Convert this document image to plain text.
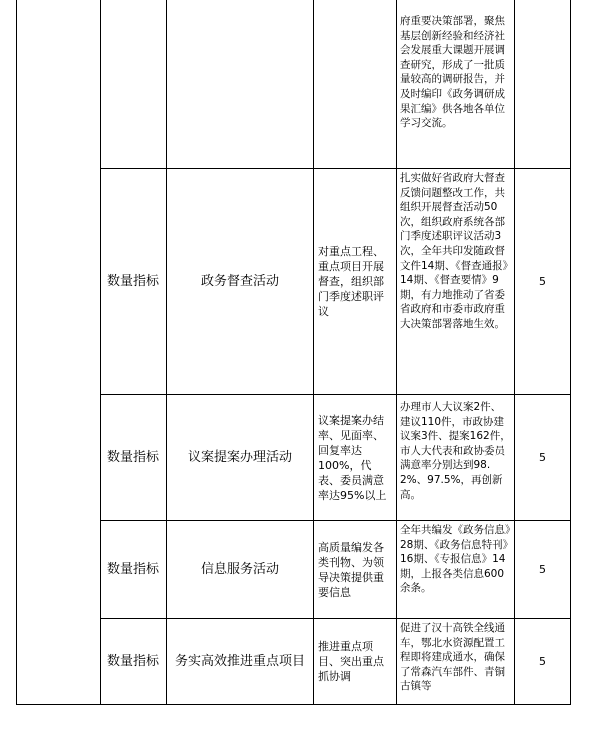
府重要决策部署，聚焦基层创新经验和经济社会发展重大课题开展调查研究，形成了一批质量较高的调研报告，并及时编印《政务调研成果汇编》供各地各单位学习交流。
数量指标	政务督查活动
对重点工程、重点项目开展督查，组织部门季度述职评议
扎实做好省政府大督查反馈问题整改工作，共组织开展督查活动50次，组织政府系统各部门季度述职评议活动3次，全年共印发随政督文件14期、《督查通报》14期、《督查要情》9期，有力地推动了省委省政府和市委市政府重大决策部署落地生效。
5
数量指标 议案提案办理活动
议案提案办结率、见面率、回复率达100%，代表、委员满意率达95%以上
办理市人大议案2件、建议110件，市政协建议案3件、提案162件，市人大代表和政协委员满意率分别达到98.2%、97.5%，再创新高。
5
数量指标	信息服务活动
高质量编发各类刊物、为领导决策提供重要信息
全年共编发《政务信息》28期、《政务信息特刊》16期、《专报信息》14期，上报各类信息600余条。
5
数量指标 务实高效推进重点项目
推进重点项目、突出重点抓协调
促进了汉十高铁全线通车，鄂北水资源配置工程即将建成通水，确保了常森汽车部件、青铜古镇等
5
